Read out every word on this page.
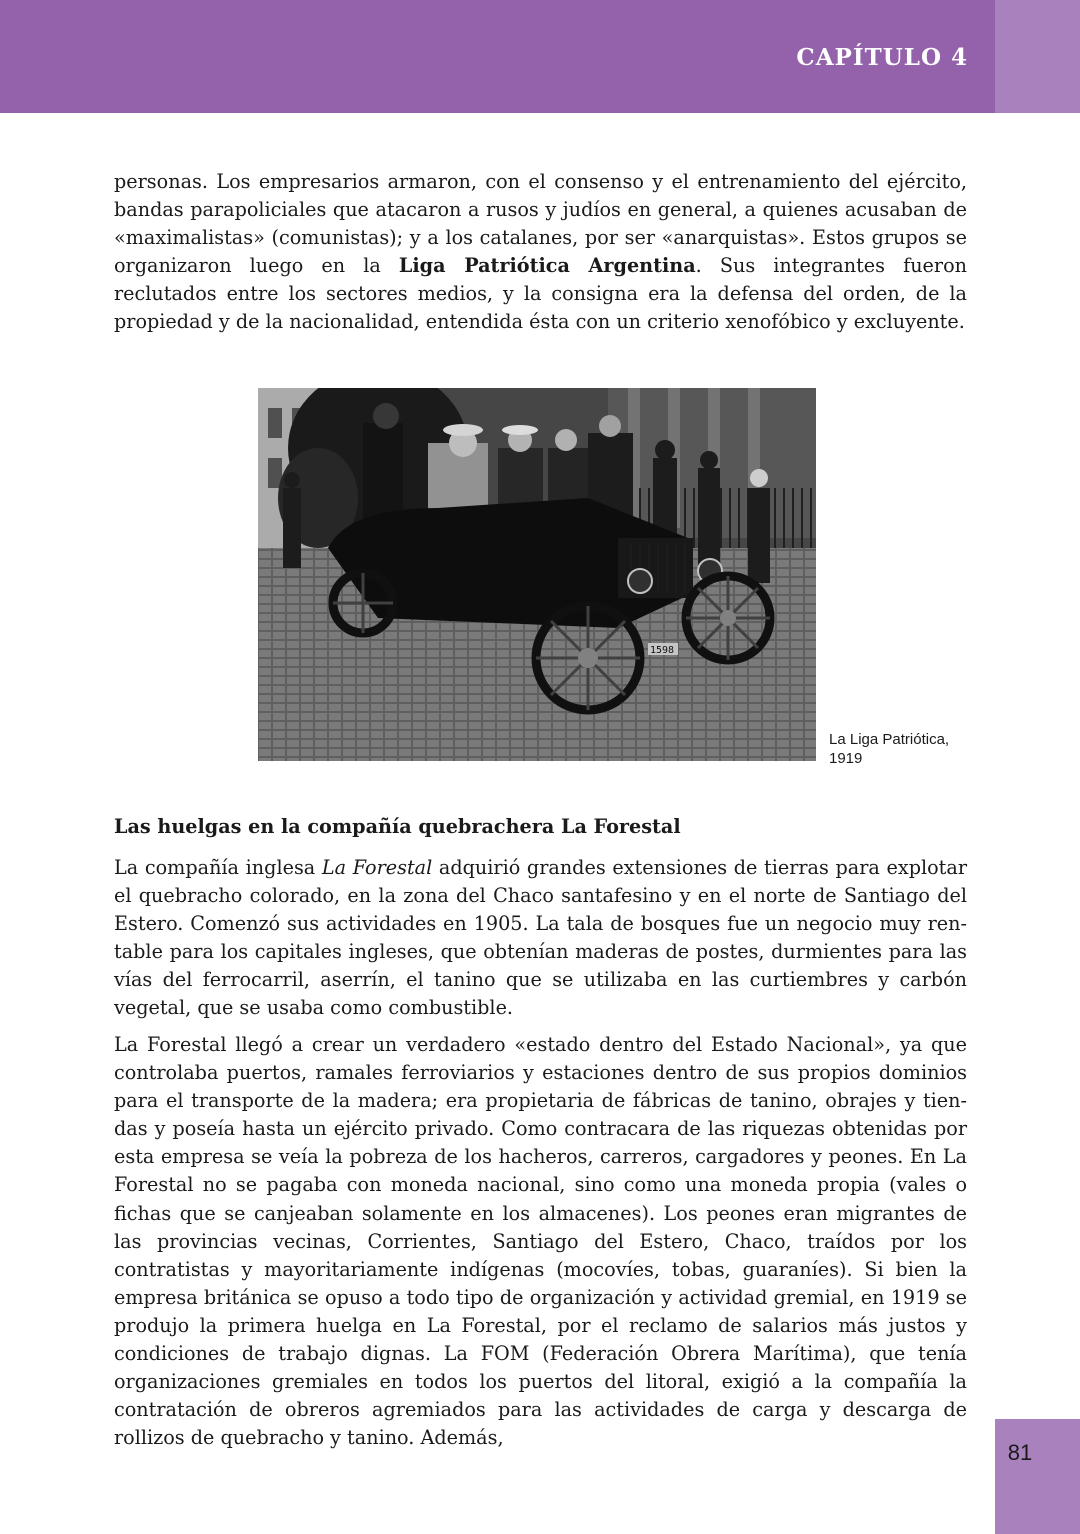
CAPÍTULO 4

personas. Los empresarios armaron, con el consenso y el entrenamiento del ejército, bandas parapoliciales que atacaron a rusos y judíos en general, a quienes acusaban de «maximalistas» (comunistas); y a los catalanes, por ser «anarquistas». Estos grupos se organizaron luego en la Liga Patriótica Argentina. Sus integrantes fueron reclutados entre los sectores medios, y la consigna era la defensa del orden, de la propiedad y de la nacionalidad, entendida ésta con un criterio xenofóbico y excluyente.

1598
La Liga Patriótica,
1919
Las huelgas en la compañía quebrachera La Forestal

La compañía inglesa La Forestal adquirió grandes extensiones de tierras para explotar el quebracho colorado, en la zona del Chaco santafesino y en el norte de Santiago del Estero. Comenzó sus actividades en 1905. La tala de bosques fue un negocio muy rentable para los capitales ingleses, que obtenían maderas de postes, durmientes para las vías del ferrocarril, aserrín, el tanino que se utilizaba en las curtiembres y carbón vegetal, que se usaba como combustible.

La Forestal llegó a crear un verdadero «estado dentro del Estado Nacional», ya que controlaba puertos, ramales ferroviarios y estaciones dentro de sus propios dominios para el transporte de la madera; era propietaria de fábricas de tanino, obrajes y tiendas y poseía hasta un ejército privado. Como contracara de las riquezas obtenidas por esta empresa se veía la pobreza de los hacheros, carreros, cargadores y peones. En La Forestal no se pagaba con moneda nacional, sino como una moneda propia (vales o fichas que se canjeaban solamente en los almacenes). Los peones eran migrantes de las provincias vecinas, Corrientes, Santiago del Estero, Chaco, traídos por los contratistas y mayoritariamente indígenas (mocovíes, tobas, guaraníes). Si bien la empresa británica se opuso a todo tipo de organización y actividad gremial, en 1919 se produjo la primera huelga en La Forestal, por el reclamo de salarios más justos y condiciones de trabajo dignas. La FOM (Federación Obrera Marítima), que tenía organizaciones gremiales en todos los puertos del litoral, exigió a la compañía la contratación de obreros agremiados para las actividades de carga y descarga de rollizos de quebracho y tanino. Además,

81
